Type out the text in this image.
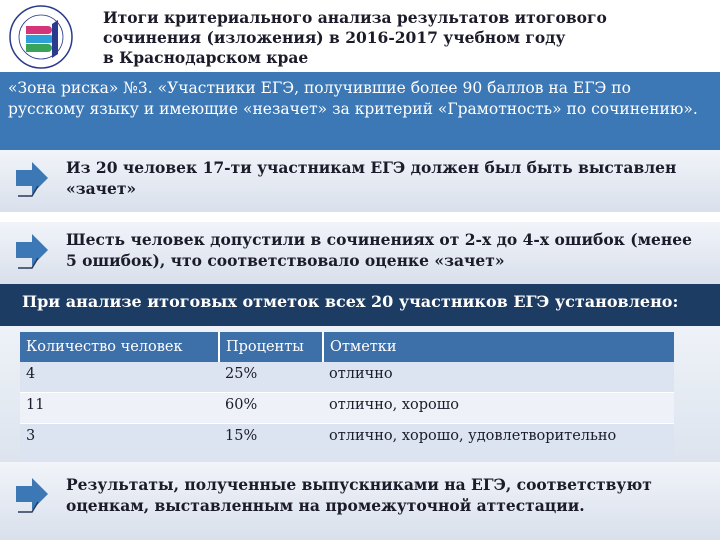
Итоги критериального анализа результатов итогового
сочинения (изложения) в 2016-2017 учебном году
в Краснодарском крае
«Зона риска» №3. «Участники ЕГЭ, получившие более 90 баллов на ЕГЭ по русскому языку и имеющие «незачет» за критерий «Грамотность» по сочинению».
Из 20 человек 17-ти участникам ЕГЭ должен был быть выставлен «зачет»
Шесть человек допустили в сочинениях от 2-х до 4-х ошибок (менее 5 ошибок), что соответствовало оценке «зачет»
При анализе итоговых отметок всех 20 участников ЕГЭ установлено:
Количество человек	Проценты	Отметки
4	25%	отлично
11	60%	отлично, хорошо
3	15%	отлично, хорошо, удовлетворительно
Результаты, полученные выпускниками на ЕГЭ, соответствуют оценкам, выставленным на промежуточной аттестации.
